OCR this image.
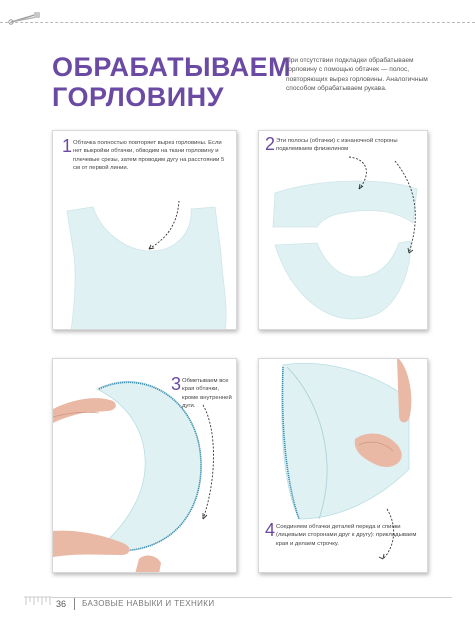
ОБРАБАТЫВАЕМ
ГОРЛОВИНУ
При отсутствии подкладки обрабатываем горловину с помощью обтачек — полос, повторяющих вырез горловины. Аналогичным способом обрабатываем рукава.
1 Обтачка полностью повторяет вырез горловины. Если нет выкройки обтачки, обводим на ткани горловину и плечевые срезы, затем проводим дугу на расстоянии 5 см от первой линии.
2 Эти полосы (обтачки) с изнаночной стороны подклеиваем флизелином
3 Обметываем все края обтачки, кроме внутренней дуги.
4 Соединяем обтачки деталей переда и спинки (лицевыми сторонами друг к другу): прикладываем края и делаем строчку.
36 БАЗОВЫЕ НАВЫКИ И ТЕХНИКИ
